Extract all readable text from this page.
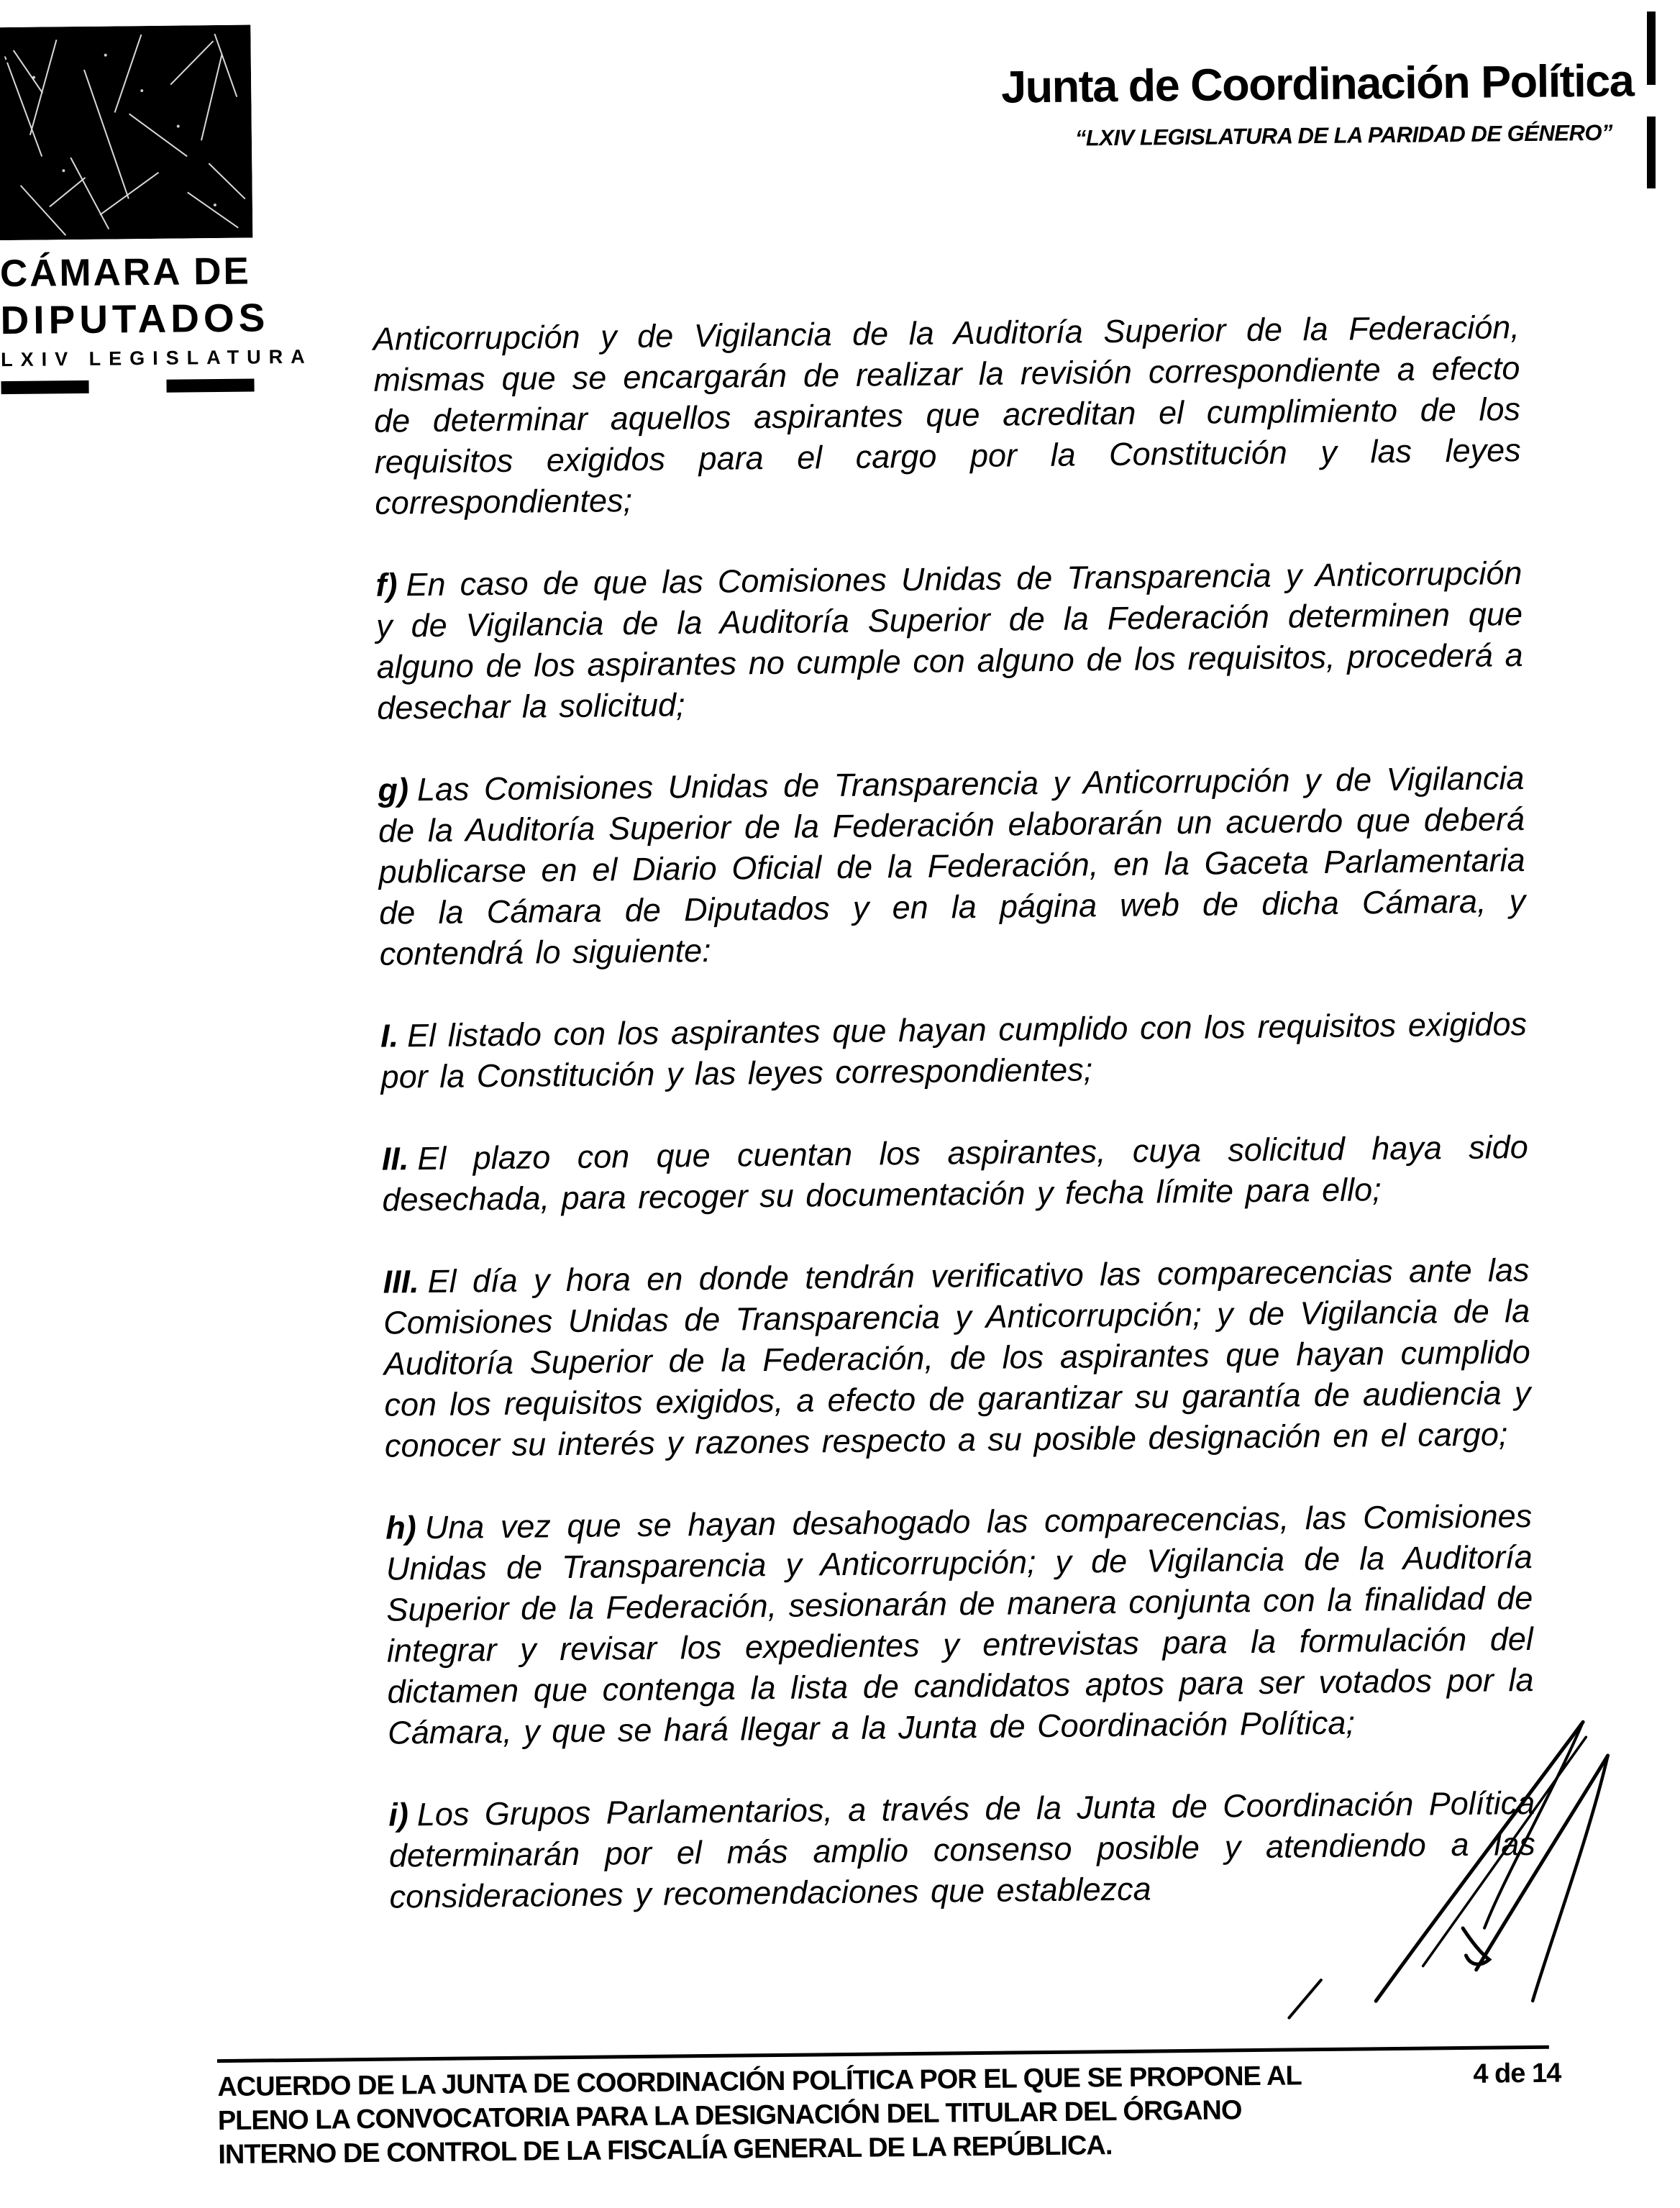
CÁMARA DE
DIPUTADOS
LXIV LEGISLATURA
Junta de Coordinación Política
“LXIV LEGISLATURA DE LA PARIDAD DE GÉNERO”

Anticorrupción y de Vigilancia de la Auditoría Superior de la Federación, mismas que se encargarán de realizar la revisión correspondiente a efecto de determinar aquellos aspirantes que acreditan el cumplimiento de los requisitos exigidos para el cargo por la Constitución y las leyes correspondientes;

f) En caso de que las Comisiones Unidas de Transparencia y Anticorrupción y de Vigilancia de la Auditoría Superior de la Federación determinen que alguno de los aspirantes no cumple con alguno de los requisitos, procederá a desechar la solicitud;

g) Las Comisiones Unidas de Transparencia y Anticorrupción y de Vigilancia de la Auditoría Superior de la Federación elaborarán un acuerdo que deberá publicarse en el Diario Oficial de la Federación, en la Gaceta Parlamentaria de la Cámara de Diputados y en la página web de dicha Cámara, y contendrá lo siguiente:

I. El listado con los aspirantes que hayan cumplido con los requisitos exigidos por la Constitución y las leyes correspondientes;

II. El plazo con que cuentan los aspirantes, cuya solicitud haya sido desechada, para recoger su documentación y fecha límite para ello;

III. El día y hora en donde tendrán verificativo las comparecencias ante las Comisiones Unidas de Transparencia y Anticorrupción; y de Vigilancia de la Auditoría Superior de la Federación, de los aspirantes que hayan cumplido con los requisitos exigidos, a efecto de garantizar su garantía de audiencia y conocer su interés y razones respecto a su posible designación en el cargo;

h) Una vez que se hayan desahogado las comparecencias, las Comisiones Unidas de Transparencia y Anticorrupción; y de Vigilancia de la Auditoría Superior de la Federación, sesionarán de manera conjunta con la finalidad de integrar y revisar los expedientes y entrevistas para la formulación del dictamen que contenga la lista de candidatos aptos para ser votados por la Cámara, y que se hará llegar a la Junta de Coordinación Política;

i) Los Grupos Parlamentarios, a través de la Junta de Coordinación Política determinarán por el más amplio consenso posible y atendiendo a las consideraciones y recomendaciones que establezca

ACUERDO DE LA JUNTA DE COORDINACIÓN POLÍTICA POR EL QUE SE PROPONE AL	4 de 14
PLENO LA CONVOCATORIA PARA LA DESIGNACIÓN DEL TITULAR DEL ÓRGANO
INTERNO DE CONTROL DE LA FISCALÍA GENERAL DE LA REPÚBLICA.
